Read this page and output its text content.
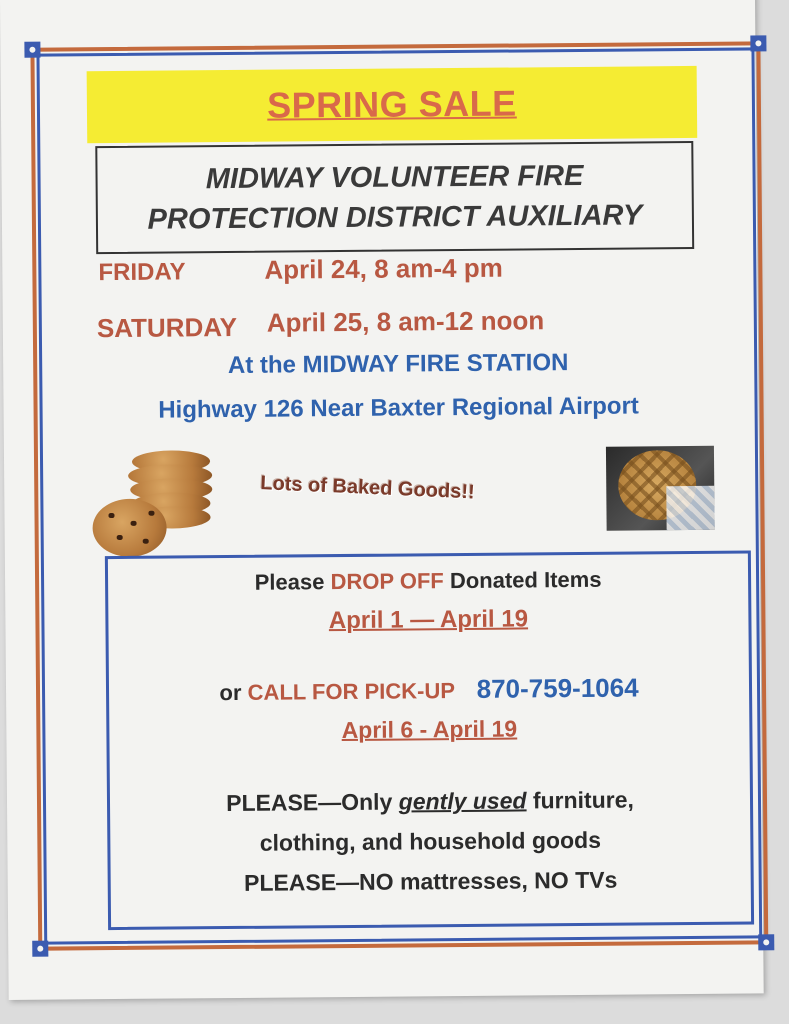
SPRING SALE
MIDWAY VOLUNTEER FIRE
PROTECTION DISTRICT AUXILIARY
FRIDAY	April 24, 8 am-4 pm
SATURDAY April 25, 8 am-12 noon
At the MIDWAY FIRE STATION
Highway 126 Near Baxter Regional Airport
Lots of Baked Goods!!
Please DROP OFF Donated Items
April 1 — April 19
or CALL FOR PICK-UP 870-759-1064
April 6 - April 19
PLEASE—Only gently used furniture,
clothing, and household goods
PLEASE—NO mattresses, NO TVs
